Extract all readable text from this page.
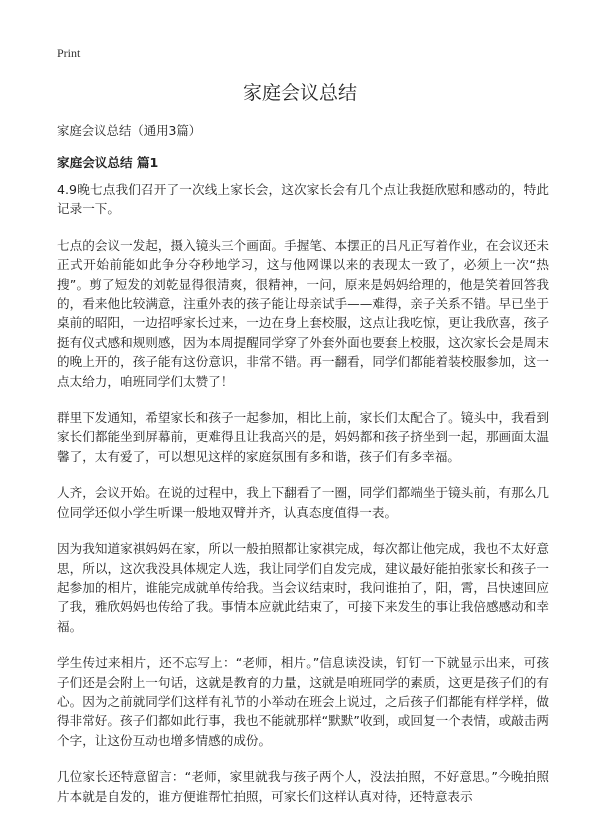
Print
家庭会议总结

家庭会议总结（通用3篇）

家庭会议总结 篇1

4.9晚七点我们召开了一次线上家长会，这次家长会有几个点让我挺欣慰和感动的，特此记录一下。

七点的会议一发起，摄入镜头三个画面。手握笔、本摆正的吕凡正写着作业，在会议还未正式开始前能如此争分夺秒地学习，这与他网课以来的表现太一致了，必须上一次“热搜”。剪了短发的刘乾显得很清爽，很精神，一问，原来是妈妈给理的，他是笑着回答我的，看来他比较满意，注重外表的孩子能让母亲试手——难得，亲子关系不错。早已坐于桌前的昭阳，一边招呼家长过来，一边在身上套校服，这点让我吃惊，更让我欣喜，孩子挺有仪式感和规则感，因为本周提醒同学穿了外套外面也要套上校服，这次家长会是周末的晚上开的，孩子能有这份意识，非常不错。再一翻看，同学们都能着装校服参加，这一点太给力，咱班同学们太赞了！

群里下发通知，希望家长和孩子一起参加，相比上前，家长们太配合了。镜头中，我看到家长们都能坐到屏幕前，更难得且让我高兴的是，妈妈都和孩子挤坐到一起，那画面太温馨了，太有爱了，可以想见这样的家庭氛围有多和谐，孩子们有多幸福。

人齐，会议开始。在说的过程中，我上下翻看了一圈，同学们都端坐于镜头前，有那么几位同学还似小学生听课一般地双臂并齐，认真态度值得一表。

因为我知道家祺妈妈在家，所以一般拍照都让家祺完成，每次都让他完成，我也不太好意思，所以，这次我没具体规定人选，我让同学们自发完成，建议最好能拍张家长和孩子一起参加的相片，谁能完成就单传给我。当会议结束时，我问谁拍了，阳，霄，吕快速回应了我，雅欣妈妈也传给了我。事情本应就此结束了，可接下来发生的事让我倍感感动和幸福。

学生传过来相片，还不忘写上：“老师，相片。”信息读没读，钉钉一下就显示出来，可孩子们还是会附上一句话，这就是教育的力量，这就是咱班同学的素质，这更是孩子们的有心。因为之前就同学们这样有礼节的小举动在班会上说过，之后孩子们都能有样学样，做得非常好。孩子们都如此行事，我也不能就那样“默默”收到，或回复一个表情，或敲击两个字，让这份互动也增多情感的成份。

几位家长还特意留言：“老师，家里就我与孩子两个人，没法拍照，不好意思。”今晚拍照片本就是自发的，谁方便谁帮忙拍照，可家长们这样认真对待，还特意表示
